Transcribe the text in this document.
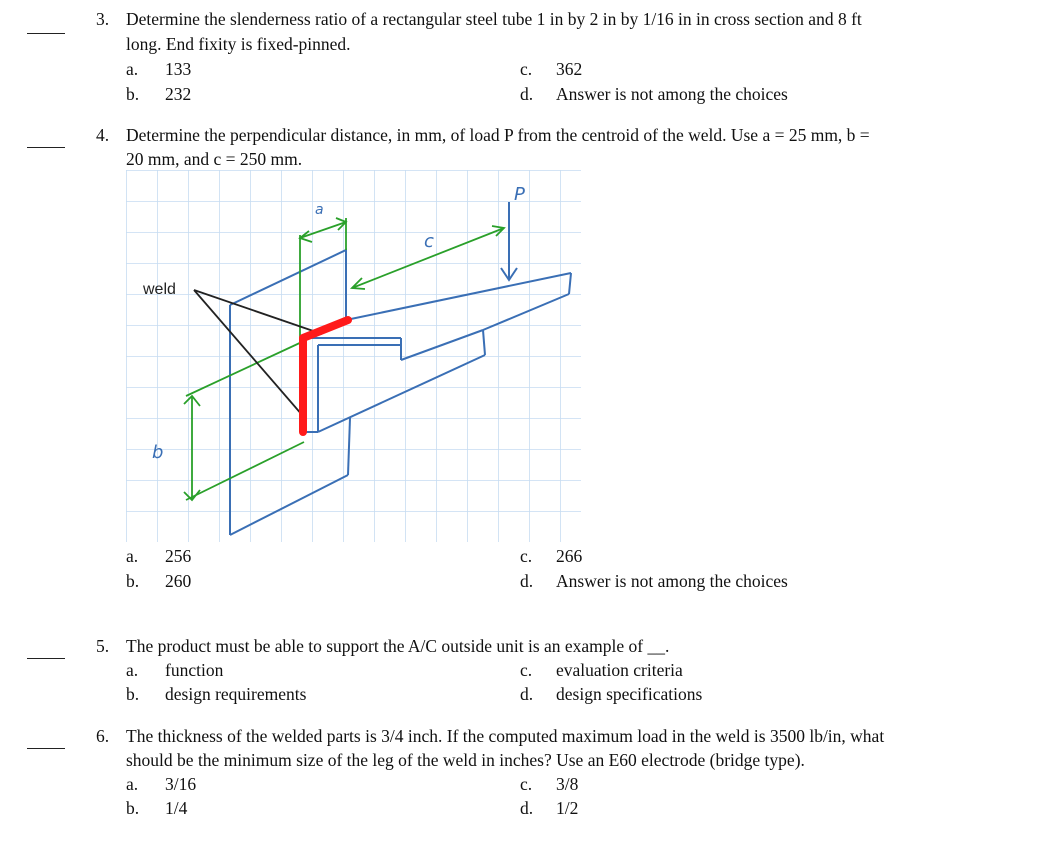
3. Determine the slenderness ratio of a rectangular steel tube 1 in by 2 in by 1/16 in in cross section and 8 ft
long. End fixity is fixed-pinned.
a. 133
b. 232
c. 362
d. Answer is not among the choices
4. Determine the perpendicular distance, in mm, of load P from the centroid of the weld. Use a = 25 mm, b =
20 mm, and c = 250 mm.
weld
a
c
P
b
a. 256
b. 260
c. 266
d. Answer is not among the choices
5. The product must be able to support the A/C outside unit is an example of __.
a. function
b. design requirements
c. evaluation criteria
d. design specifications
6. The thickness of the welded parts is 3/4 inch. If the computed maximum load in the weld is 3500 lb/in, what
should be the minimum size of the leg of the weld in inches? Use an E60 electrode (bridge type).
a. 3/16
b. 1/4
c. 3/8
d. 1/2
